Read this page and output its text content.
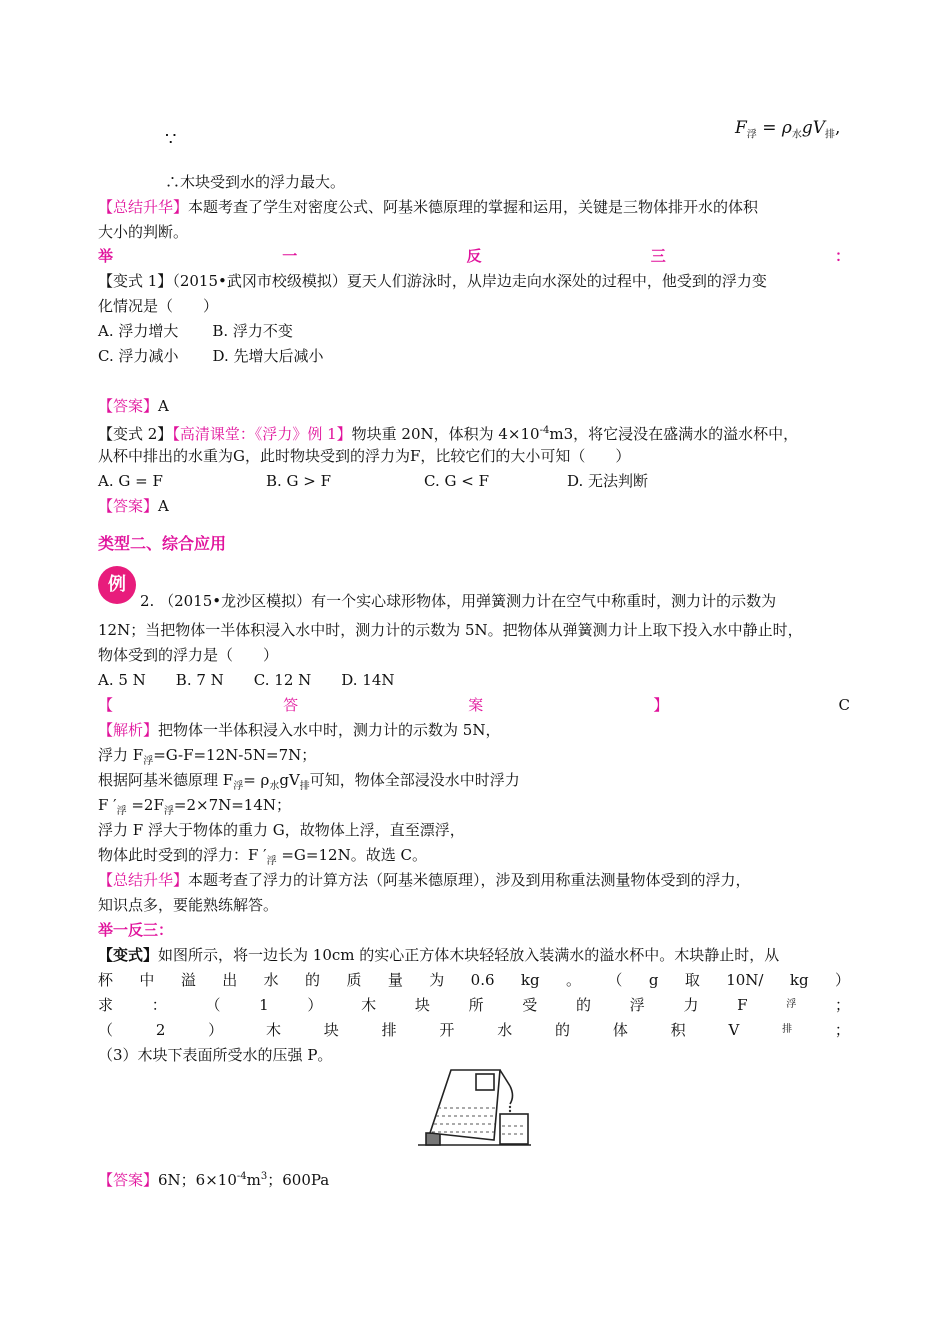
∵
$F_浮 = \rho_水gV_排$,
∴木块受到水的浮力最大。
【总结升华】本题考查了学生对密度公式、阿基米德原理的掌握和运用，关键是三物体排开水的体积
大小的判断。
举	一	反	三	：
【变式 1】（2015•武冈市校级模拟）夏天人们游泳时，从岸边走向水深处的过程中，他受到的浮力变
化情况是（　　）
A. 浮力增大 B. 浮力不变
C. 浮力减小 D. 先增大后减小
【答案】A
【变式 2】【高清课堂：《浮力》例 1】物块重 20N，体积为 $4\times 10^{-4}m3$，将它浸没在盛满水的溢水杯中，
从杯中排出的水重为G，此时物块受到的浮力为F，比较它们的大小可知（　　）
A. G = F	B. G > F	C. G < F	D. 无法判断
【答案】A
类型二、综合应用
例
2. （2015•龙沙区模拟）有一个实心球形物体，用弹簧测力计在空气中称重时，测力计的示数为
12N；当把物体一半体积浸入水中时，测力计的示数为 5N。把物体从弹簧测力计上取下投入水中静止时，
物体受到的浮力是（　　）
A. 5 N　　B. 7 N　　C. 12 N　　D. 14N
【	答	案	】	C
【解析】把物体一半体积浸入水中时，测力计的示数为 5N，
浮力 $F_浮=G-F=12N-5N=7N$；
根据阿基米德原理 $F_浮= \rho_水gV_排$可知，物体全部浸没水中时浮力
F $'_浮 =2F_浮=2\times 7N=14N$；
浮力 F 浮大于物体的重力 G，故物体上浮，直至漂浮，
物体此时受到的浮力：F $'_浮 =G=12N$。故选 C。
【总结升华】本题考查了浮力的计算方法（阿基米德原理），涉及到用称重法测量物体受到的浮力，
知识点多，要能熟练解答。
举一反三：
【变式】如图所示，将一边长为 10cm 的实心正方体木块轻轻放入装满水的溢水杯中。木块静止时，从
杯 中 溢 出 水 的 质 量 为 0.6 kg 。 （ g 取 10N/ kg ）
求	：	（	1	）	木	块	所	受	的	浮	力	F	浮	；
（	2	）	木	块	排	开	水	的	体	积	V	排	；
（3）木块下表面所受水的压强 P。
【答案】6N；$6\times 10^{-4}m^3$；600Pa
